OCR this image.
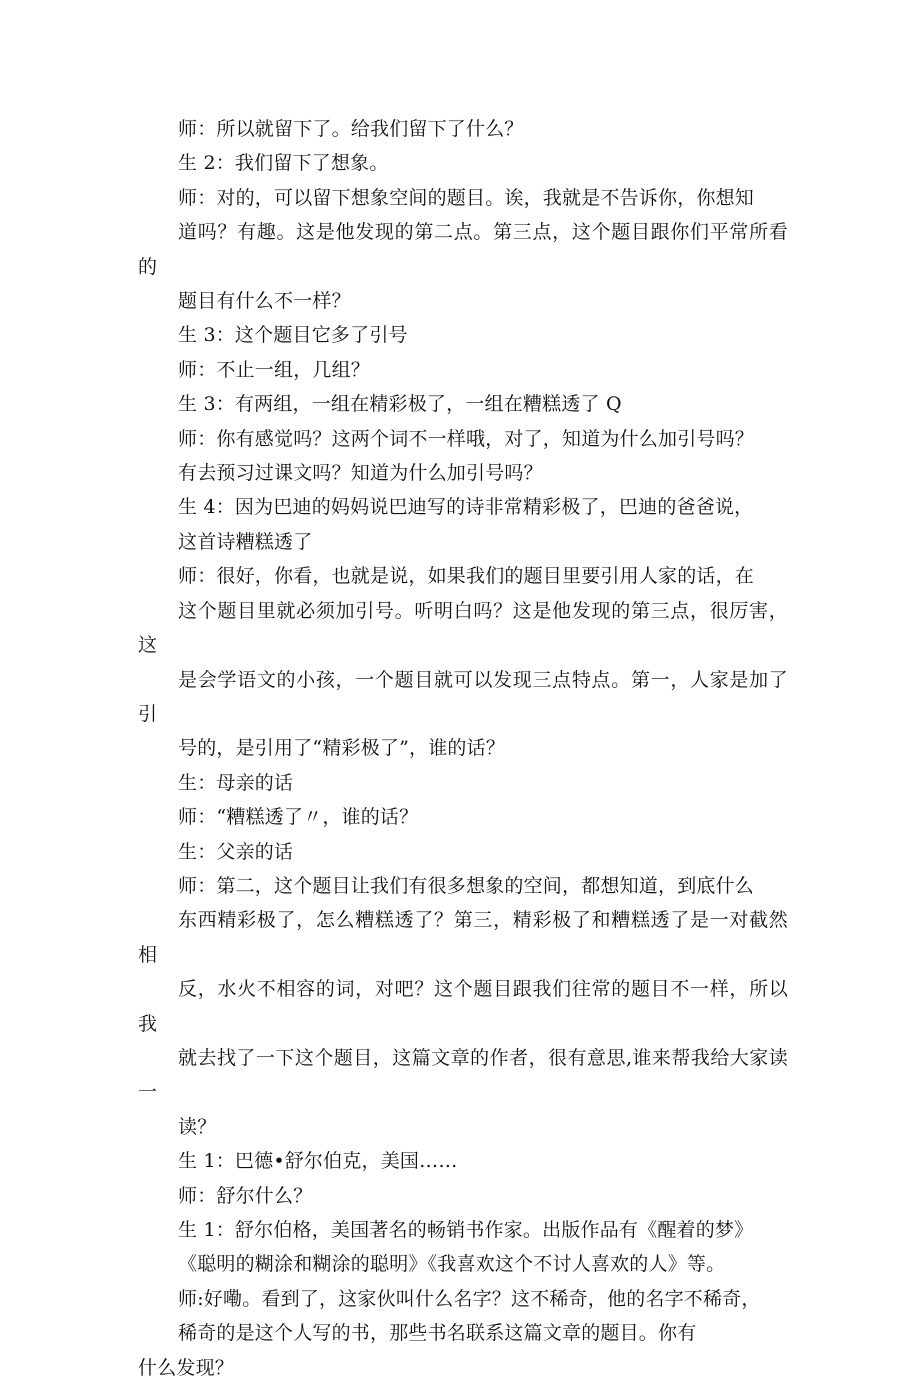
师：所以就留下了。给我们留下了什么？

生 2：我们留下了想象。

师：对的，可以留下想象空间的题目。诶，我就是不告诉你，你想知
道吗？有趣。这是他发现的第二点。第三点，这个题目跟你们平常所看的
题目有什么不一样？

生 3：这个题目它多了引号

师：不止一组，几组？

生 3：有两组，一组在精彩极了，一组在糟糕透了 Q

师：你有感觉吗？这两个词不一样哦，对了，知道为什么加引号吗？
有去预习过课文吗？知道为什么加引号吗？

生 4：因为巴迪的妈妈说巴迪写的诗非常精彩极了，巴迪的爸爸说，
这首诗糟糕透了

师：很好，你看，也就是说，如果我们的题目里要引用人家的话，在
这个题目里就必须加引号。听明白吗？这是他发现的第三点，很厉害，这
是会学语文的小孩，一个题目就可以发现三点特点。第一，人家是加了引
号的，是引用了“精彩极了”，谁的话？

生：母亲的话

师：“糟糕透了〃，谁的话？

生：父亲的话

师：第二，这个题目让我们有很多想象的空间，都想知道，到底什么
东西精彩极了，怎么糟糕透了？第三，精彩极了和糟糕透了是一对截然相
反，水火不相容的词，对吧？这个题目跟我们往常的题目不一样，所以我
就去找了一下这个题目，这篇文章的作者，很有意思,谁来帮我给大家读一
读？

生 1：巴德•舒尔伯克，美国……

师：舒尔什么？

生 1：舒尔伯格，美国著名的畅销书作家。出版作品有《醒着的梦》
《聪明的糊涂和糊涂的聪明》《我喜欢这个不讨人喜欢的人》等。

师:好嘞。看到了，这家伙叫什么名字？这不稀奇，他的名字不稀奇，
稀奇的是这个人写的书，那些书名联系这篇文章的题目。你有

什么发现？
